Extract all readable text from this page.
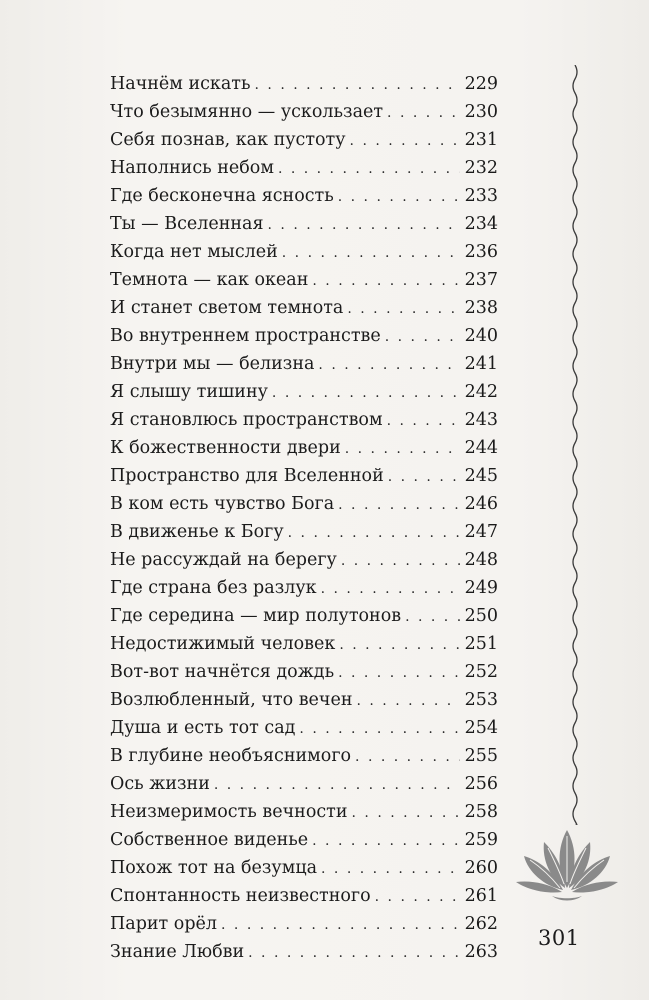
Начнём искать . . .	229
Что безымянно — ускользает . . .	230
Себя познав, как пустоту . . .	231
Наполнись небом . . .	232
Где бесконечна ясность . . .	233
Ты — Вселенная . . .	234
Когда нет мыслей . . .	236
Темнота — как океан . . .	237
И станет светом темнота . . .	238
Во внутреннем пространстве . . .	240
Внутри мы — белизна . . .	241
Я слышу тишину . . .	242
Я становлюсь пространством . . .	243
К божественности двери . . .	244
Пространство для Вселенной . . .	245
В ком есть чувство Бога . . .	246
В движенье к Богу . . .	247
Не рассуждай на берегу . . .	248
Где страна без разлук . . .	249
Где середина — мир полутонов . . .	250
Недостижимый человек . . .	251
Вот-вот начнётся дождь . . .	252
Возлюбленный, что вечен . . .	253
Душа и есть тот сад . . .	254
В глубине необъяснимого . . .	255
Ось жизни . . .	256
Неизмеримость вечности . . .	258
Собственное виденье . . .	259
Похож тот на безумца . . .	260
Спонтанность неизвестного . . .	261
Парит орёл . . .	262
Знание Любви . . .	263
301
